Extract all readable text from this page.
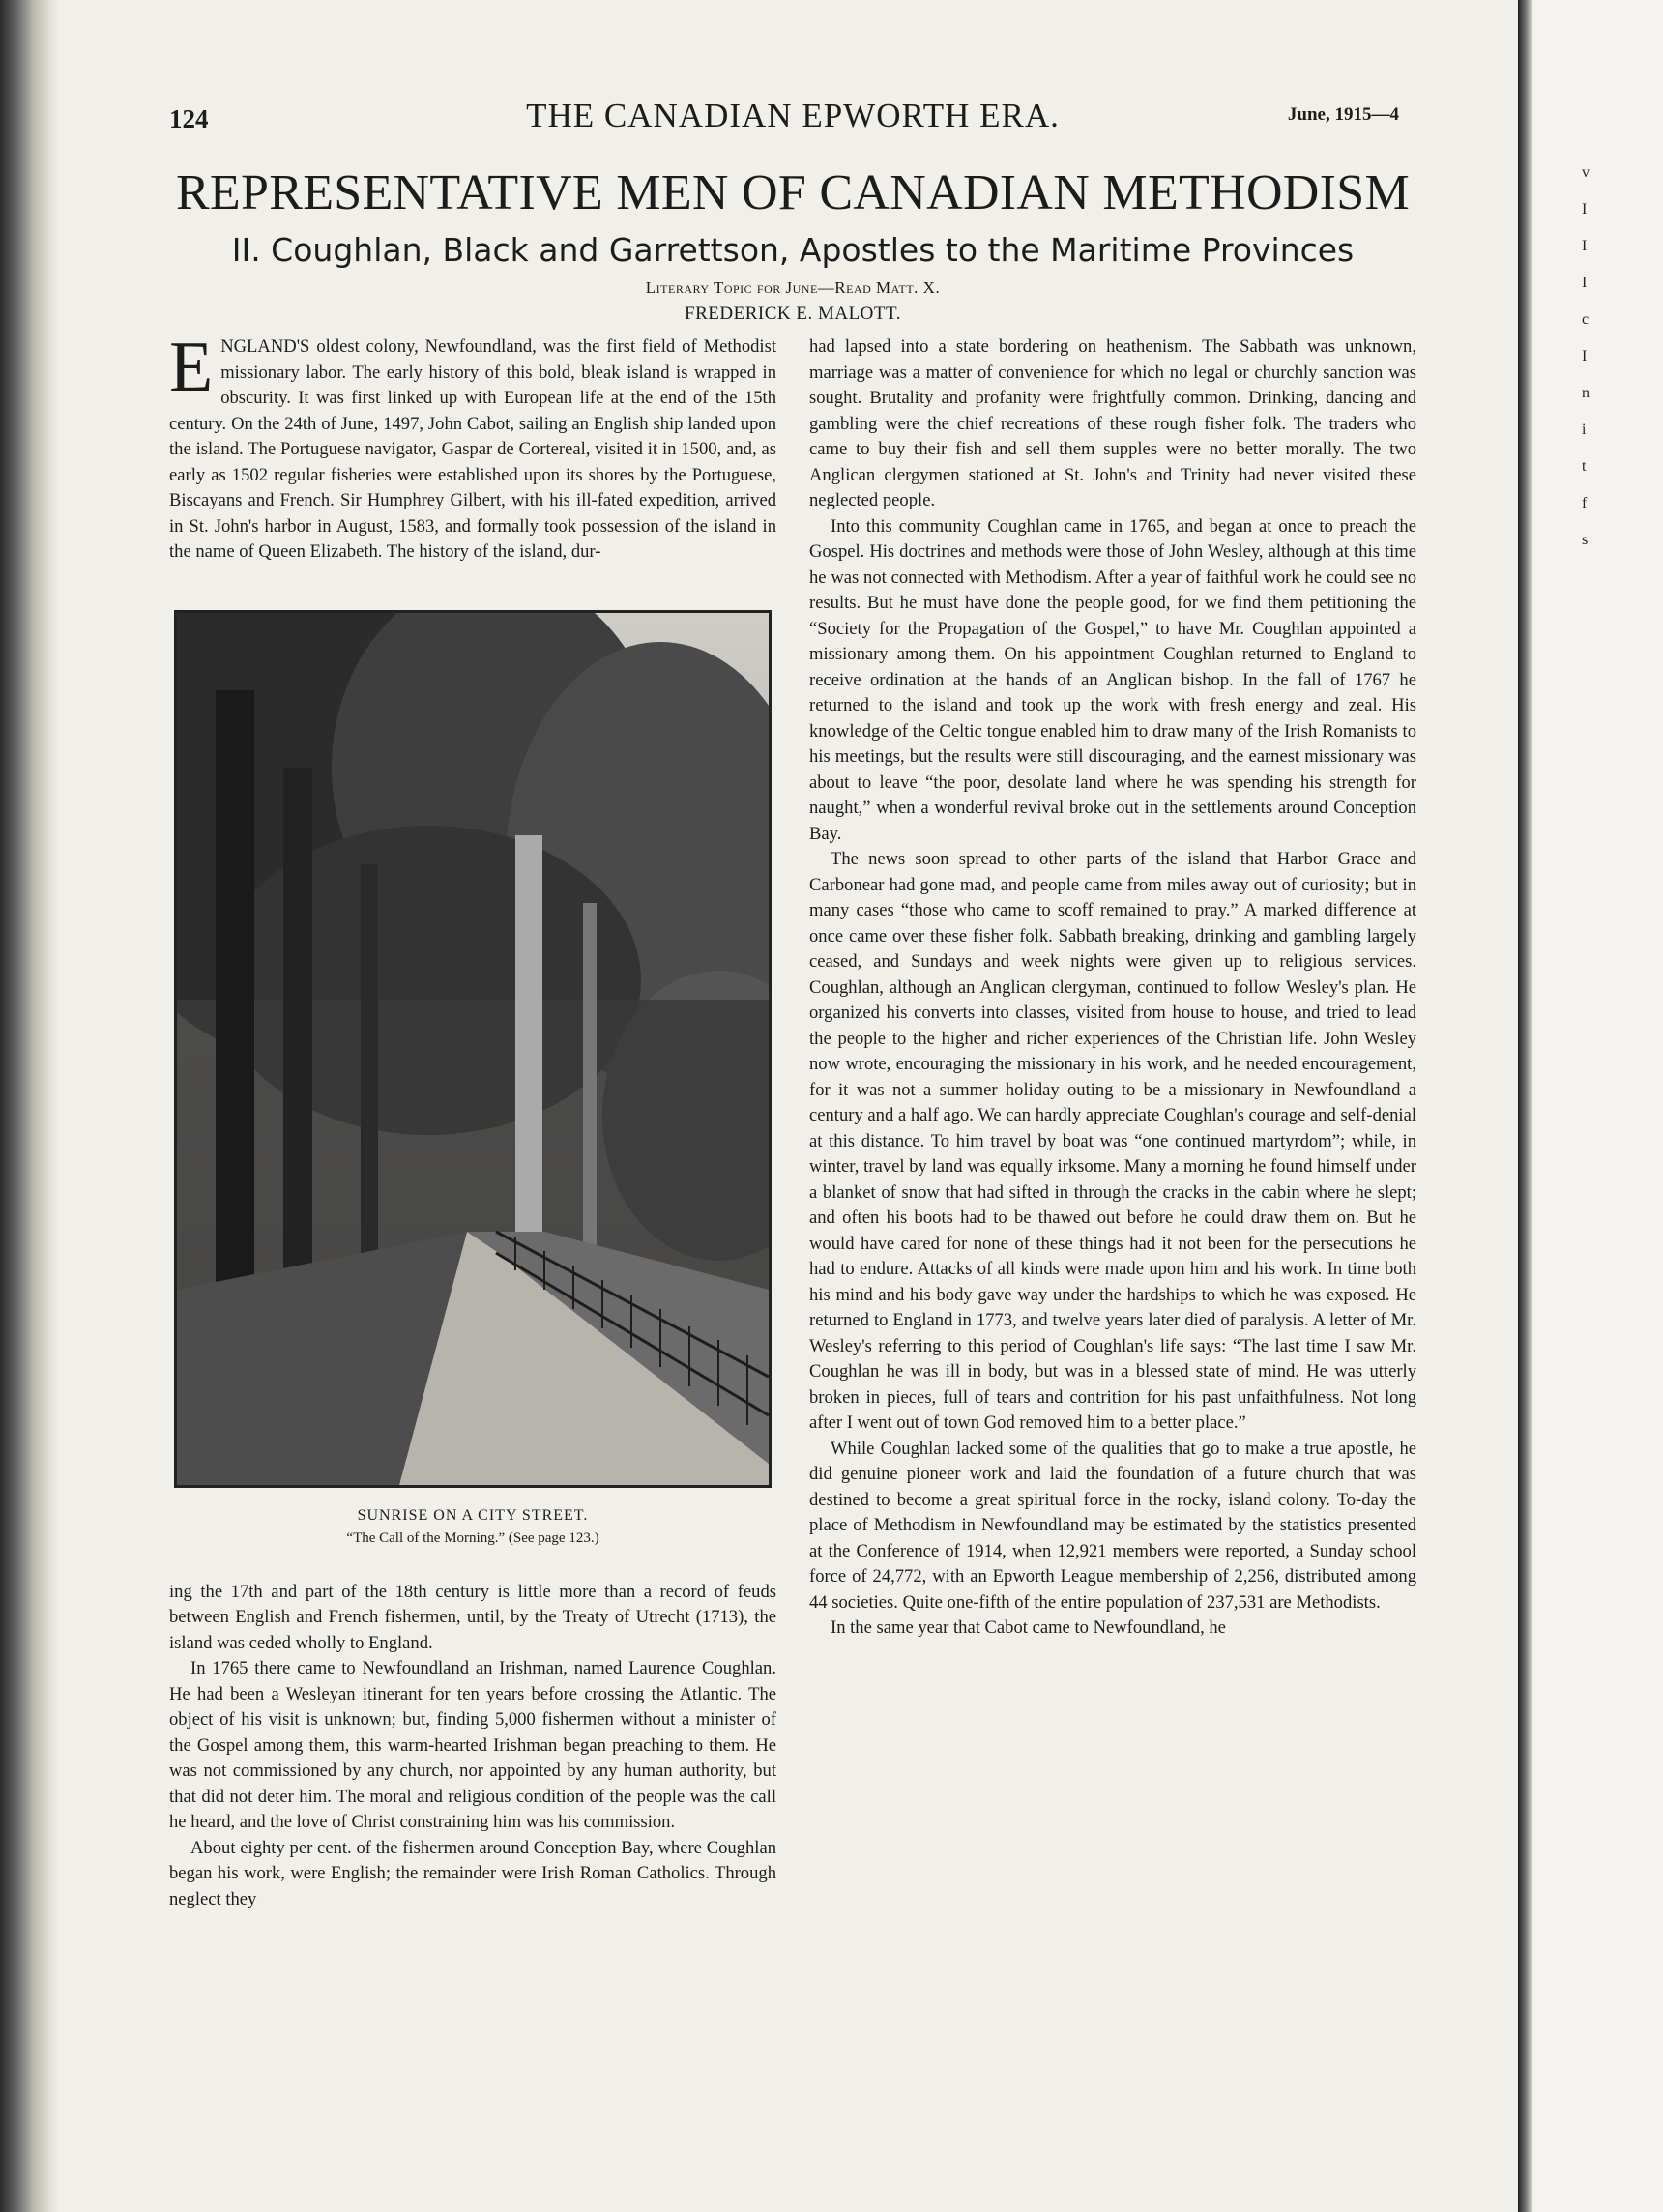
v
I
I
I
c
I
n
i
t
f
s
124	THE CANADIAN EPWORTH ERA.	June, 1915—4
REPRESENTATIVE MEN OF CANADIAN METHODISM
II. Coughlan, Black and Garrettson, Apostles to the Maritime Provinces
Literary Topic for June—Read Matt. X.
FREDERICK E. MALOTT.

ENGLAND'S oldest colony, Newfoundland, was the first field of Methodist missionary labor. The early history of this bold, bleak island is wrapped in obscurity. It was first linked up with European life at the end of the 15th century. On the 24th of June, 1497, John Cabot, sailing an English ship landed upon the island. The Portuguese navigator, Gaspar de Cortereal, visited it in 1500, and, as early as 1502 regular fisheries were established upon its shores by the Portuguese, Biscayans and French. Sir Humphrey Gilbert, with his ill-fated expedition, arrived in St. John's harbor in August, 1583, and formally took possession of the island in the name of Queen Elizabeth. The history of the island, dur-

SUNRISE ON A CITY STREET.
“The Call of the Morning.” (See page 123.)

ing the 17th and part of the 18th century is little more than a record of feuds between English and French fishermen, until, by the Treaty of Utrecht (1713), the island was ceded wholly to England.

In 1765 there came to Newfoundland an Irishman, named Laurence Coughlan. He had been a Wesleyan itinerant for ten years before crossing the Atlantic. The object of his visit is unknown; but, finding 5,000 fishermen without a minister of the Gospel among them, this warm-hearted Irishman began preaching to them. He was not commissioned by any church, nor appointed by any human authority, but that did not deter him. The moral and religious condition of the people was the call he heard, and the love of Christ constraining him was his commission.

About eighty per cent. of the fishermen around Conception Bay, where Coughlan began his work, were English; the remainder were Irish Roman Catholics. Through neglect they

had lapsed into a state bordering on heathenism. The Sabbath was unknown, marriage was a matter of convenience for which no legal or churchly sanction was sought. Brutality and profanity were frightfully common. Drinking, dancing and gambling were the chief recreations of these rough fisher folk. The traders who came to buy their fish and sell them supples were no better morally. The two Anglican clergymen stationed at St. John's and Trinity had never visited these neglected people.

Into this community Coughlan came in 1765, and began at once to preach the Gospel. His doctrines and methods were those of John Wesley, although at this time he was not connected with Methodism. After a year of faithful work he could see no results. But he must have done the people good, for we find them petitioning the “Society for the Propagation of the Gospel,” to have Mr. Coughlan appointed a missionary among them. On his appointment Coughlan returned to England to receive ordination at the hands of an Anglican bishop. In the fall of 1767 he returned to the island and took up the work with fresh energy and zeal. His knowledge of the Celtic tongue enabled him to draw many of the Irish Romanists to his meetings, but the results were still discouraging, and the earnest missionary was about to leave “the poor, desolate land where he was spending his strength for naught,” when a wonderful revival broke out in the settlements around Conception Bay.

The news soon spread to other parts of the island that Harbor Grace and Carbonear had gone mad, and people came from miles away out of curiosity; but in many cases “those who came to scoff remained to pray.” A marked difference at once came over these fisher folk. Sabbath breaking, drinking and gambling largely ceased, and Sundays and week nights were given up to religious services. Coughlan, although an Anglican clergyman, continued to follow Wesley's plan. He organized his converts into classes, visited from house to house, and tried to lead the people to the higher and richer experiences of the Christian life. John Wesley now wrote, encouraging the missionary in his work, and he needed encouragement, for it was not a summer holiday outing to be a missionary in Newfoundland a century and a half ago. We can hardly appreciate Coughlan's courage and self-denial at this distance. To him travel by boat was “one continued martyrdom”; while, in winter, travel by land was equally irksome. Many a morning he found himself under a blanket of snow that had sifted in through the cracks in the cabin where he slept; and often his boots had to be thawed out before he could draw them on. But he would have cared for none of these things had it not been for the persecutions he had to endure. Attacks of all kinds were made upon him and his work. In time both his mind and his body gave way under the hardships to which he was exposed. He returned to England in 1773, and twelve years later died of paralysis. A letter of Mr. Wesley's referring to this period of Coughlan's life says: “The last time I saw Mr. Coughlan he was ill in body, but was in a blessed state of mind. He was utterly broken in pieces, full of tears and contrition for his past unfaithfulness. Not long after I went out of town God removed him to a better place.”

While Coughlan lacked some of the qualities that go to make a true apostle, he did genuine pioneer work and laid the foundation of a future church that was destined to become a great spiritual force in the rocky, island colony. To-day the place of Methodism in Newfoundland may be estimated by the statistics presented at the Conference of 1914, when 12,921 members were reported, a Sunday school force of 24,772, with an Epworth League membership of 2,256, distributed among 44 societies. Quite one-fifth of the entire population of 237,531 are Methodists.

In the same year that Cabot came to Newfoundland, he
